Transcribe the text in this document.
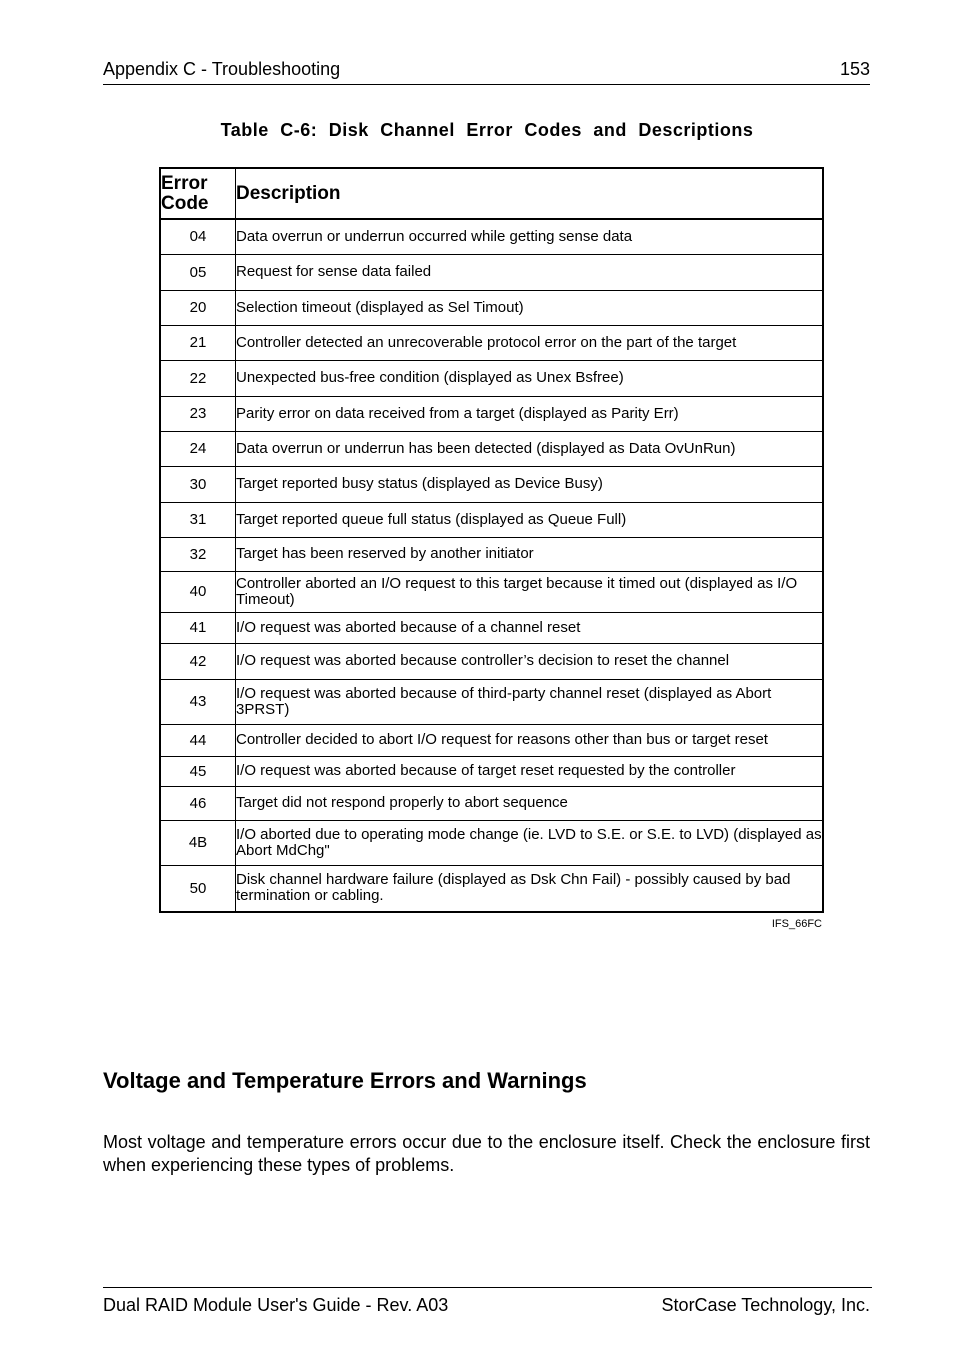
Appendix C - Troubleshooting	153
Table C-6: Disk Channel Error Codes and Descriptions
Error Code	Description
04	Data overrun or underrun occurred while getting sense data
05	Request for sense data failed
20	Selection timeout (displayed as Sel Timout)
21	Controller detected an unrecoverable protocol error on the part of the target
22	Unexpected bus-free condition (displayed as Unex Bsfree)
23	Parity error on data received from a target (displayed as Parity Err)
24	Data overrun or underrun has been detected (displayed as Data OvUnRun)
30	Target reported busy status (displayed as Device Busy)
31	Target reported queue full status (displayed as Queue Full)
32	Target has been reserved by another initiator
40	Controller aborted an I/O request to this target because it timed out (displayed as I/O Timeout)
41	I/O request was aborted because of a channel reset
42	I/O request was aborted because controller’s decision to reset the channel
43	I/O request was aborted because of third-party channel reset (displayed as Abort 3PRST)
44	Controller decided to abort I/O request for reasons other than bus or target reset
45	I/O request was aborted because of target reset requested by the controller
46	Target did not respond properly to abort sequence
4B	I/O aborted due to operating mode change (ie. LVD to S.E. or S.E. to LVD) (displayed as Abort MdChg"
50	Disk channel hardware failure (displayed as Dsk Chn Fail) - possibly caused by bad termination or cabling.
IFS_66FC
Voltage and Temperature Errors and Warnings
Most voltage and temperature errors occur due to the enclosure itself. Check the enclosure first when experiencing these types of problems.
Dual RAID Module User's Guide - Rev. A03	StorCase Technology, Inc.
